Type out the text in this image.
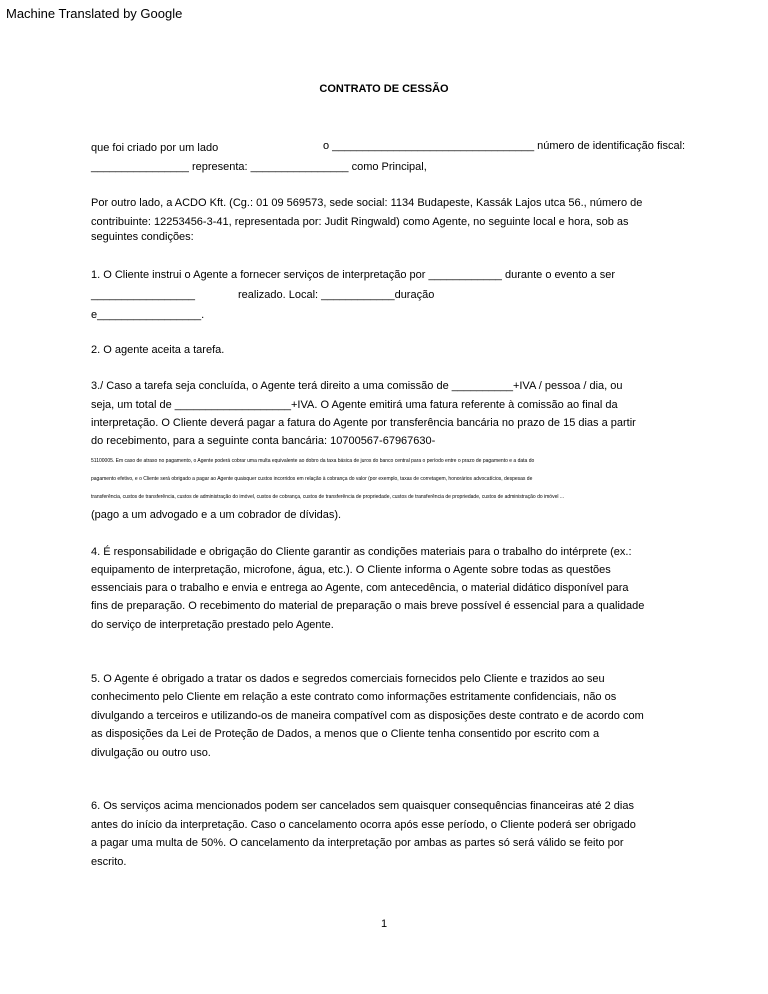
Machine Translated by Google
CONTRATO DE CESSÃO
que foi criado por um lado	o _________________________________ número de identificação fiscal:
________________ representa: ________________ como Principal,
Por outro lado, a ACDO Kft. (Cg.: 01 09 569573, sede social: 1134 Budapeste, Kassák Lajos utca 56., número de
contribuinte: 12253456-3-41, representada por: Judit Ringwald) como Agente, no seguinte local e hora, sob as
seguintes condições:
1. O Cliente instrui o Agente a fornecer serviços de interpretação por ____________ durante o evento a ser
_________________	realizado. Local: ____________duração
e_________________.
2. O agente aceita a tarefa.
3./ Caso a tarefa seja concluída, o Agente terá direito a uma comissão de __________+IVA / pessoa / dia, ou
seja, um total de ___________________+IVA. O Agente emitirá uma fatura referente à comissão ao final da
interpretação. O Cliente deverá pagar a fatura do Agente por transferência bancária no prazo de 15 dias a partir
do recebimento, para a seguinte conta bancária: 10700567-67967630-
51100005. Em caso de atraso no pagamento, o Agente poderá cobrar uma multa equivalente ao dobro da taxa básica de juros do banco central para o período entre o prazo de pagamento e a data do
pagamento efetivo, e o Cliente será obrigado a pagar ao Agente quaisquer custos incorridos em relação à cobrança do valor (por exemplo, taxas de corretagem, honorários advocatícios, despesas de
transferência, custos de transferência, custos de administração do imóvel, custos de cobrança, custos de transferência de propriedade, custos de transferência de propriedade, custos de administração do imóvel ...
(pago a um advogado e a um cobrador de dívidas).
4. É responsabilidade e obrigação do Cliente garantir as condições materiais para o trabalho do intérprete (ex.:
equipamento de interpretação, microfone, água, etc.). O Cliente informa o Agente sobre todas as questões
essenciais para o trabalho e envia e entrega ao Agente, com antecedência, o material didático disponível para
fins de preparação. O recebimento do material de preparação o mais breve possível é essencial para a qualidade
do serviço de interpretação prestado pelo Agente.
5. O Agente é obrigado a tratar os dados e segredos comerciais fornecidos pelo Cliente e trazidos ao seu
conhecimento pelo Cliente em relação a este contrato como informações estritamente confidenciais, não os
divulgando a terceiros e utilizando-os de maneira compatível com as disposições deste contrato e de acordo com
as disposições da Lei de Proteção de Dados, a menos que o Cliente tenha consentido por escrito com a
divulgação ou outro uso.
6. Os serviços acima mencionados podem ser cancelados sem quaisquer consequências financeiras até 2 dias
antes do início da interpretação. Caso o cancelamento ocorra após esse período, o Cliente poderá ser obrigado
a pagar uma multa de 50%. O cancelamento da interpretação por ambas as partes só será válido se feito por
escrito.
1
